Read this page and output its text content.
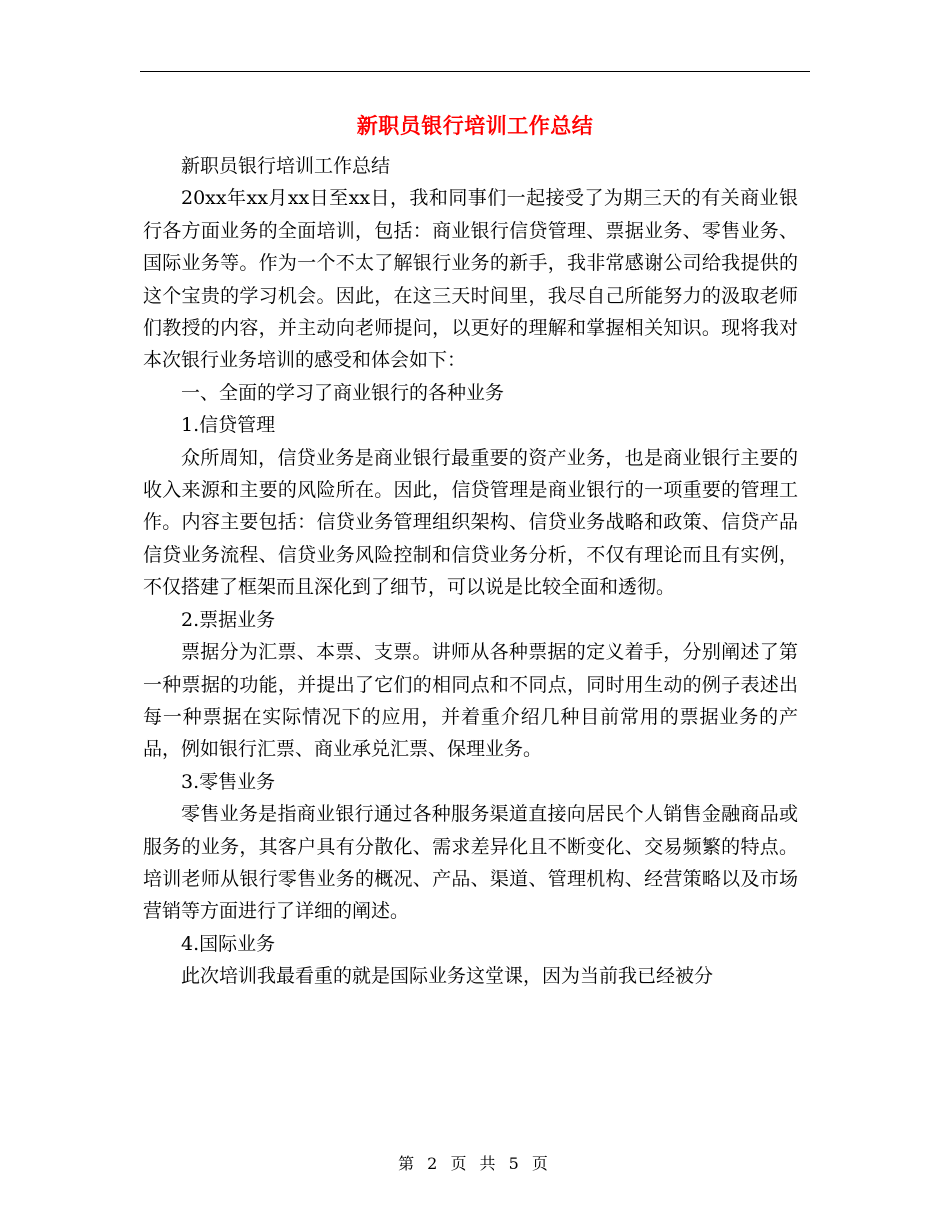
新职员银行培训工作总结

新职员银行培训工作总结

20xx年xx月xx日至xx日，我和同事们一起接受了为期三天的有关商业银行各方面业务的全面培训，包括：商业银行信贷管理、票据业务、零售业务、国际业务等。作为一个不太了解银行业务的新手，我非常感谢公司给我提供的这个宝贵的学习机会。因此，在这三天时间里，我尽自己所能努力的汲取老师们教授的内容，并主动向老师提问，以更好的理解和掌握相关知识。现将我对本次银行业务培训的感受和体会如下：

一、全面的学习了商业银行的各种业务

1.信贷管理

众所周知，信贷业务是商业银行最重要的资产业务，也是商业银行主要的收入来源和主要的风险所在。因此，信贷管理是商业银行的一项重要的管理工作。内容主要包括：信贷业务管理组织架构、信贷业务战略和政策、信贷产品信贷业务流程、信贷业务风险控制和信贷业务分析，不仅有理论而且有实例，不仅搭建了框架而且深化到了细节，可以说是比较全面和透彻。

2.票据业务

票据分为汇票、本票、支票。讲师从各种票据的定义着手，分别阐述了第一种票据的功能，并提出了它们的相同点和不同点，同时用生动的例子表述出每一种票据在实际情况下的应用，并着重介绍几种目前常用的票据业务的产品，例如银行汇票、商业承兑汇票、保理业务。

3.零售业务

零售业务是指商业银行通过各种服务渠道直接向居民个人销售金融商品或服务的业务，其客户具有分散化、需求差异化且不断变化、交易频繁的特点。培训老师从银行零售业务的概况、产品、渠道、管理机构、经营策略以及市场营销等方面进行了详细的阐述。

4.国际业务

此次培训我最看重的就是国际业务这堂课，因为当前我已经被分

第 2 页 共 5 页
